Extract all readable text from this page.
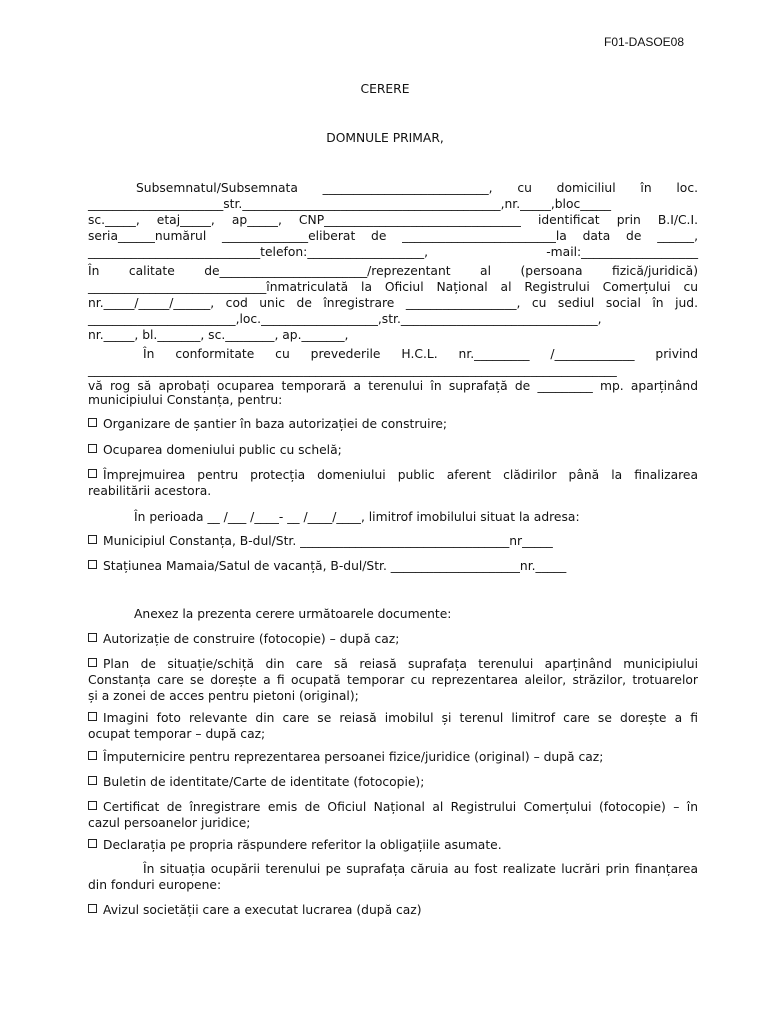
F01-DASOE08
CERERE
DOMNULE PRIMAR,
Subsemnatul/Subsemnata ___________________________, cu domiciliul în loc.
______________________str.__________________________________________,nr._____,bloc_____
sc._____, etaj_____, ap_____, CNP________________________________ identificat prin B.I/C.I.
seria______numărul ______________eliberat de _________________________la data de ______,
____________________________telefon:___________________, -mail:___________________
În calitate de________________________/reprezentant al (persoana fizică/juridică)
_____________________________înmatriculată la Oficiul Național al Registrului Comerțului cu
nr._____/_____/______, cod unic de înregistrare __________________, cu sediul social în jud.
________________________,loc.___________________,str.________________________________,
nr._____, bl._______, sc.________, ap._______,
În conformitate cu prevederile H.C.L. nr._________ /_____________ privind
______________________________________________________________________________________
vă rog să aprobați ocuparea temporară a terenului în suprafață de _________ mp. aparținând
municipiului Constanța, pentru:
Organizare de șantier în baza autorizației de construire;
Ocuparea domeniului public cu schelă;
Împrejmuirea pentru protecția domeniului public aferent clădirilor până la finalizarea
reabilitării acestora.
În perioada __ /___ /____- __ /____/____, limitrof imobilului situat la adresa:
Municipiul Constanța, B-dul/Str. __________________________________nr_____
Stațiunea Mamaia/Satul de vacanță, B-dul/Str. _____________________nr._____
Anexez la prezenta cerere următoarele documente:
Autorizație de construire (fotocopie) – după caz;
Plan de situație/schiță din care să reiasă suprafața terenului aparținând municipiului
Constanța care se dorește a fi ocupată temporar cu reprezentarea aleilor, străzilor, trotuarelor
și a zonei de acces pentru pietoni (original);
Imagini foto relevante din care se reiasă imobilul și terenul limitrof care se dorește a fi
ocupat temporar – după caz;
Împuternicire pentru reprezentarea persoanei fizice/juridice (original) – după caz;
Buletin de identitate/Carte de identitate (fotocopie);
Certificat de înregistrare emis de Oficiul Național al Registrului Comerțului (fotocopie) – în
cazul persoanelor juridice;
Declarația pe propria răspundere referitor la obligațiile asumate.
În situația ocupării terenului pe suprafața căruia au fost realizate lucrări prin finanțarea
din fonduri europene:
Avizul societății care a executat lucrarea (după caz)
